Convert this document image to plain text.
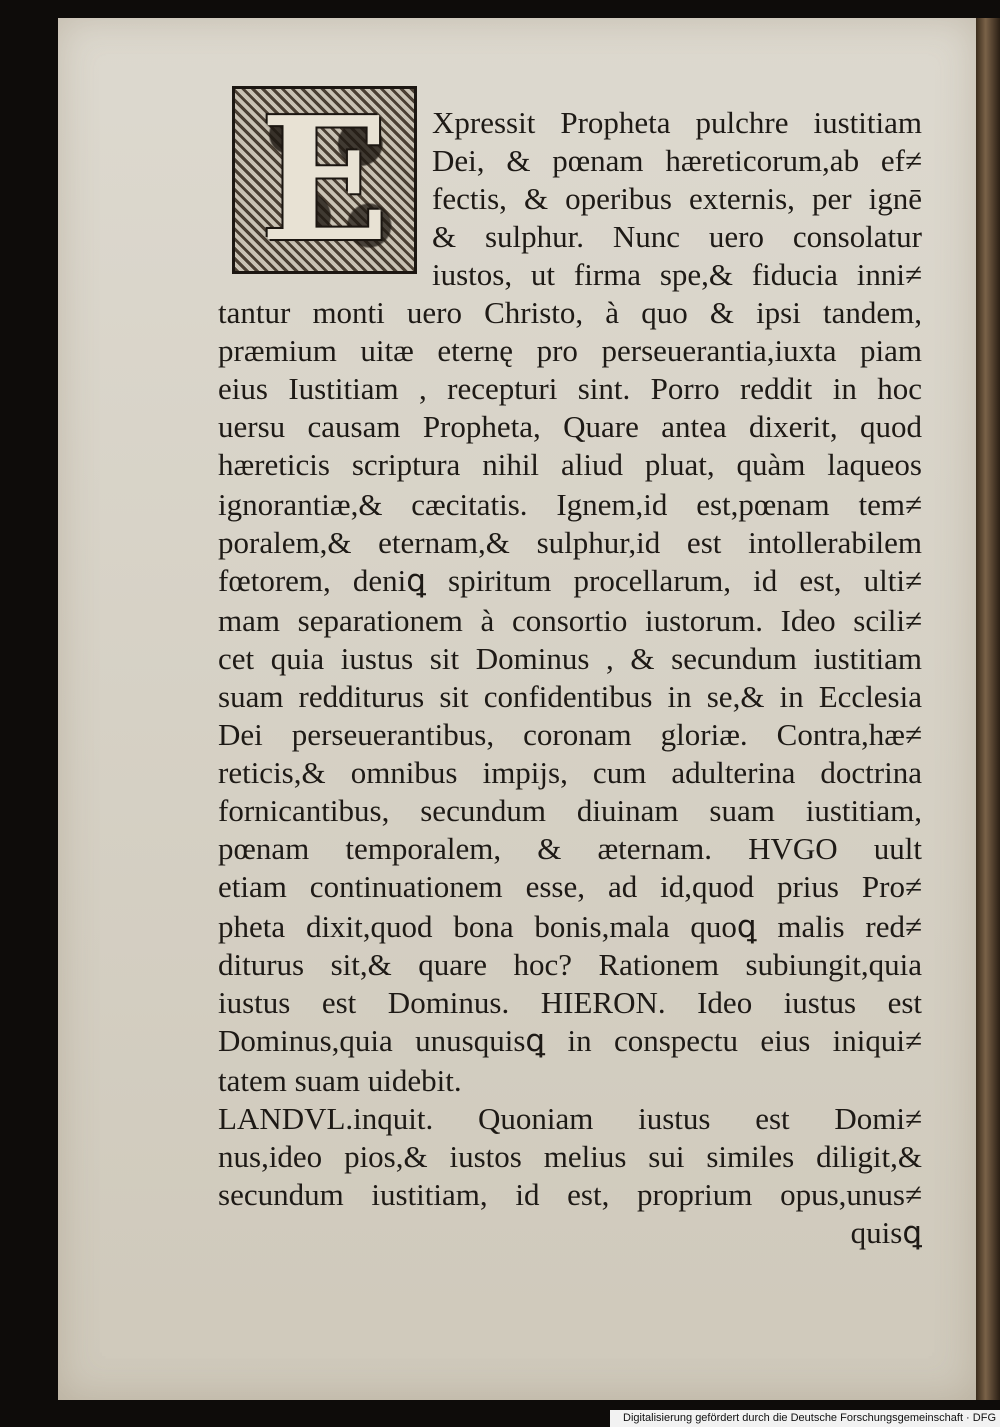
E	Xpressit Propheta pulchre iustitiam

Dei, & pœnam hæreticorum,ab ef≠

fectis, & operibus externis, per ignē

& sulphur. Nunc uero consolatur

iustos, ut firma spe,& fiducia inni≠

tantur monti uero Christo, à quo & ipsi tandem,

præmium uitæ eternę pro perseuerantia,iuxta piam

eius Iustitiam , recepturi sint. Porro reddit in hoc

uersu causam Propheta, Quare antea dixerit, quod

hæreticis scriptura nihil aliud pluat, quàm laqueos

ignorantiæ,& cæcitatis. Ignem,id est,pœnam tem≠

poralem,& eternam,& sulphur,id est intollerabilem

fœtorem, deniꝗ spiritum procellarum, id est, ulti≠

mam separationem à consortio iustorum. Ideo scili≠

cet quia iustus sit Dominus , & secundum iustitiam

suam redditurus sit confidentibus in se,& in Ecclesia

Dei perseuerantibus, coronam gloriæ. Contra,hæ≠

reticis,& omnibus impijs, cum adulterina doctrina

fornicantibus, secundum diuinam suam iustitiam,

pœnam temporalem, & æternam. HVGO uult

etiam continuationem esse, ad id,quod prius Pro≠

pheta dixit,quod bona bonis,mala quoꝗ malis red≠

diturus sit,& quare hoc? Rationem subiungit,quia

iustus est Dominus. HIERON. Ideo iustus est

Dominus,quia unusquisꝗ in conspectu eius iniqui≠

tatem suam uidebit.

LANDVL.inquit. Quoniam iustus est Domi≠

nus,ideo pios,& iustos melius sui similes diligit,&

secundum iustitiam, id est, proprium opus,unus≠

quisꝗ

Digitalisierung gefördert durch die Deutsche Forschungsgemeinschaft · DFG
